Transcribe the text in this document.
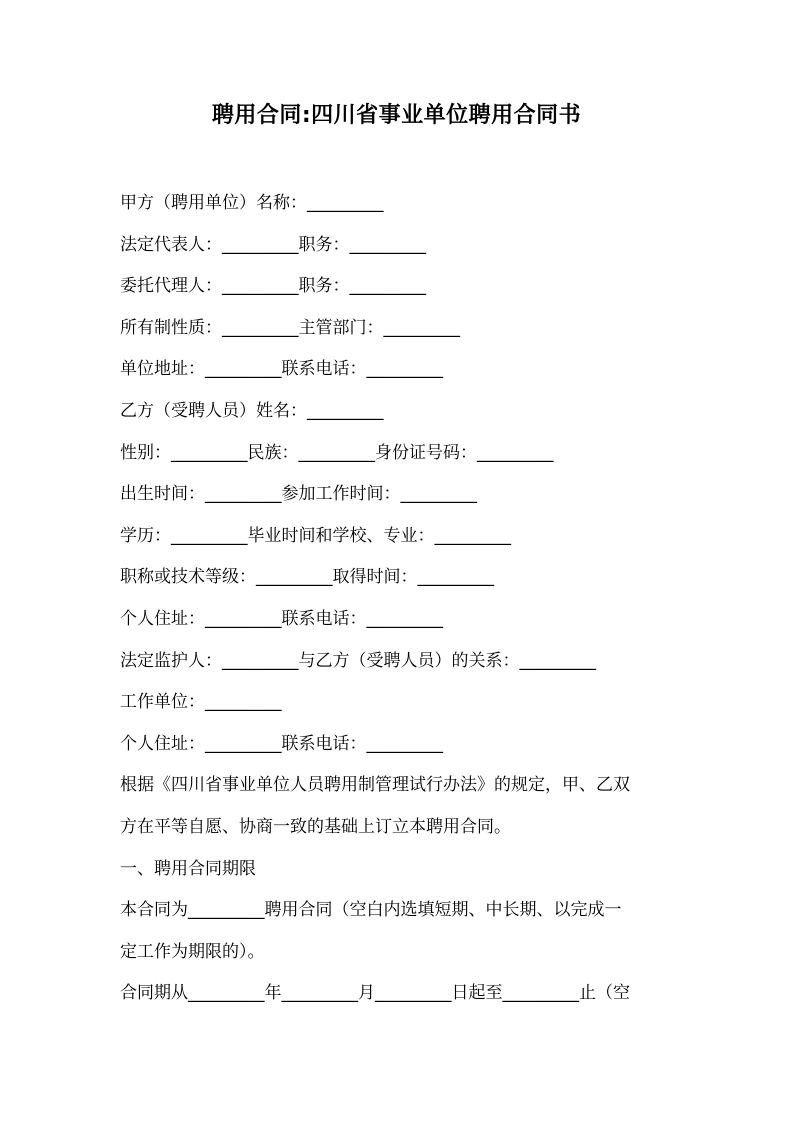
聘用合同:四川省事业单位聘用合同书
甲方（聘用单位）名称：_________
法定代表人：_________职务：_________
委托代理人：_________职务：_________
所有制性质：_________主管部门：_________
单位地址：_________联系电话：_________
乙方（受聘人员）姓名：_________
性别：_________民族：_________身份证号码：_________
出生时间：_________参加工作时间：_________
学历：_________毕业时间和学校、专业：_________
职称或技术等级：_________取得时间：_________
个人住址：_________联系电话：_________
法定监护人：_________与乙方（受聘人员）的关系：_________
工作单位：_________
个人住址：_________联系电话：_________
根据《四川省事业单位人员聘用制管理试行办法》的规定，甲、乙双
方在平等自愿、协商一致的基础上订立本聘用合同。
一、聘用合同期限
本合同为_________聘用合同（空白内选填短期、中长期、以完成一
定工作为期限的）。
合同期从_________年_________月_________日起至_________止（空
